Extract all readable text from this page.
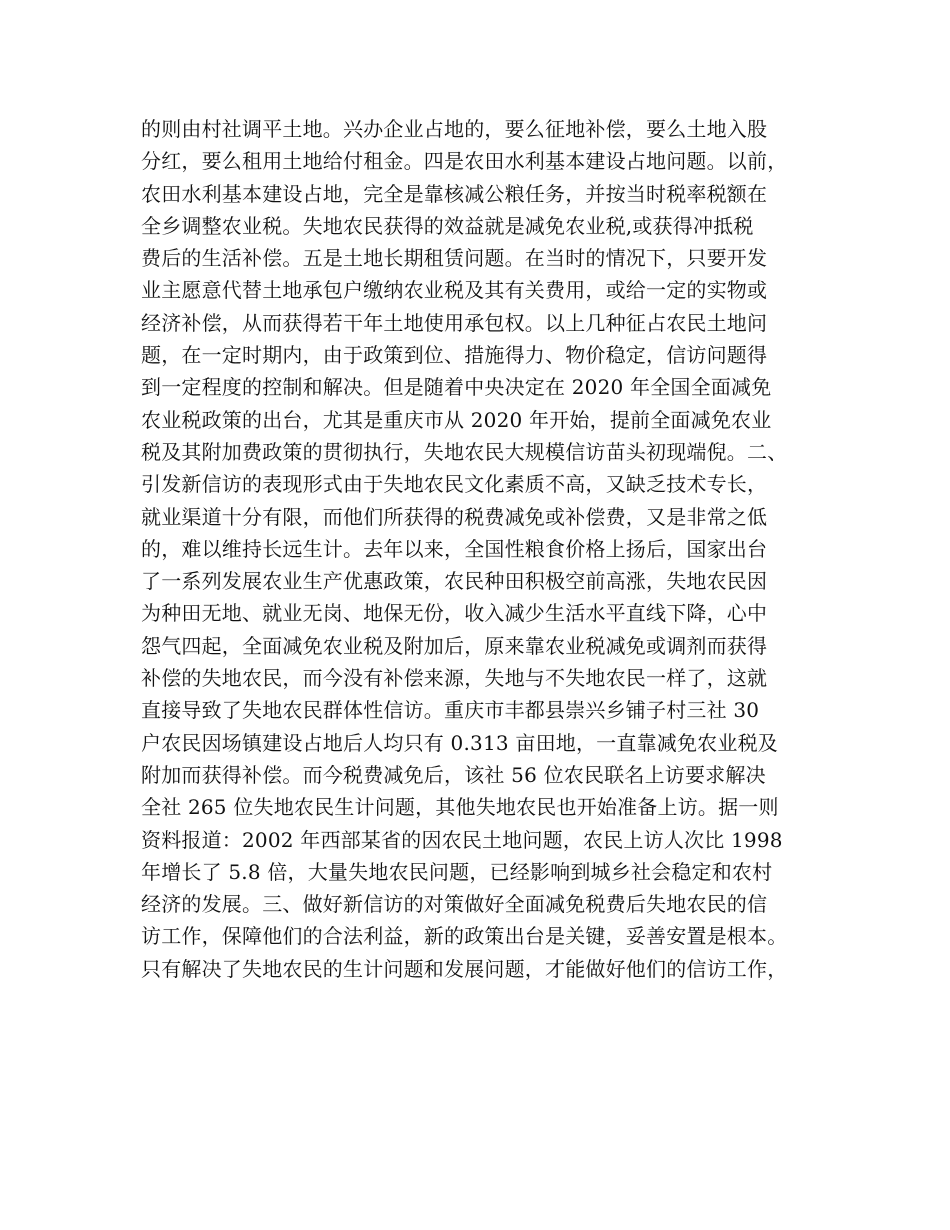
的则由村社调平土地。兴办企业占地的，要么征地补偿，要么土地入股
分红，要么租用土地给付租金。四是农田水利基本建设占地问题。以前，
农田水利基本建设占地，完全是靠核减公粮任务，并按当时税率税额在
全乡调整农业税。失地农民获得的效益就是减免农业税,或获得冲抵税
费后的生活补偿。五是土地长期租赁问题。在当时的情况下，只要开发
业主愿意代替土地承包户缴纳农业税及其有关费用，或给一定的实物或
经济补偿，从而获得若干年土地使用承包权。以上几种征占农民土地问
题，在一定时期内，由于政策到位、措施得力、物价稳定，信访问题得
到一定程度的控制和解决。但是随着中央决定在 2020 年全国全面减免
农业税政策的出台，尤其是重庆市从 2020 年开始，提前全面减免农业
税及其附加费政策的贯彻执行，失地农民大规模信访苗头初现端倪。二、
引发新信访的表现形式由于失地农民文化素质不高，又缺乏技术专长，
就业渠道十分有限，而他们所获得的税费减免或补偿费，又是非常之低
的，难以维持长远生计。去年以来，全国性粮食价格上扬后，国家出台
了一系列发展农业生产优惠政策，农民种田积极空前高涨，失地农民因
为种田无地、就业无岗、地保无份，收入减少生活水平直线下降，心中
怨气四起，全面减免农业税及附加后，原来靠农业税减免或调剂而获得
补偿的失地农民，而今没有补偿来源，失地与不失地农民一样了，这就
直接导致了失地农民群体性信访。重庆市丰都县崇兴乡铺子村三社 30
户农民因场镇建设占地后人均只有 0.313 亩田地，一直靠减免农业税及
附加而获得补偿。而今税费减免后，该社 56 位农民联名上访要求解决
全社 265 位失地农民生计问题，其他失地农民也开始准备上访。据一则
资料报道：2002 年西部某省的因农民土地问题，农民上访人次比 1998
年增长了 5.8 倍，大量失地农民问题，已经影响到城乡社会稳定和农村
经济的发展。三、做好新信访的对策做好全面减免税费后失地农民的信
访工作，保障他们的合法利益，新的政策出台是关键，妥善安置是根本。
只有解决了失地农民的生计问题和发展问题，才能做好他们的信访工作，
